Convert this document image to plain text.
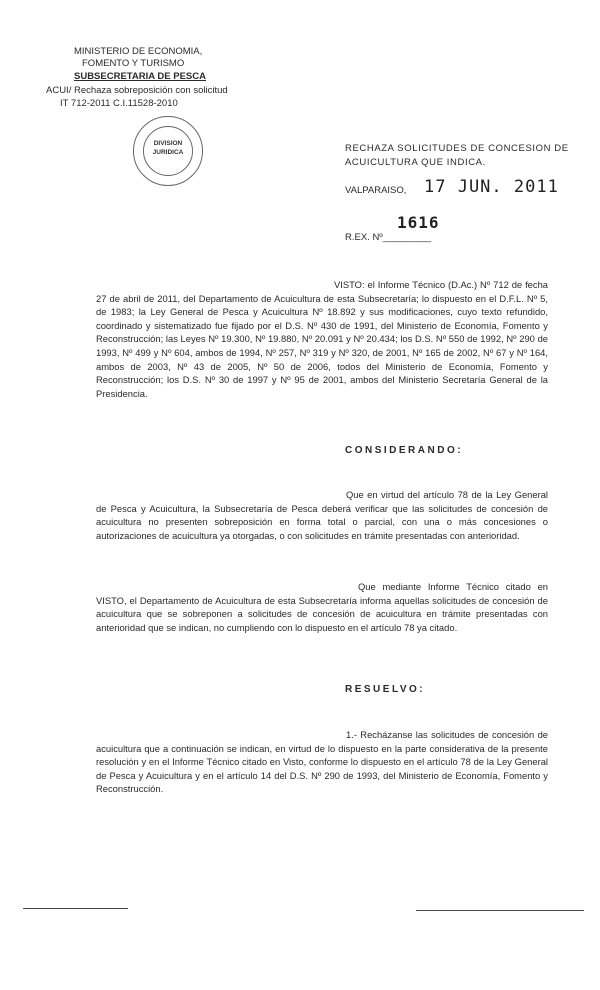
MINISTERIO DE ECONOMIA,
FOMENTO Y TURISMO
SUBSECRETARIA DE PESCA
ACUI/ Rechaza sobreposición con solicitud
IT 712-2011 C.I.11528-2010
DIVISION
JURIDICA	RECHAZA SOLICITUDES DE CONCESION DE
ACUICULTURA QUE INDICA.
VALPARAISO, 17 JUN. 2011
1616
R.EX. Nº__________
VISTO: el Informe Técnico (D.Ac.) Nº 712 de fecha 27 de abril de 2011, del Departamento de Acuicultura de esta Subsecretaría; lo dispuesto en el D.F.L. Nº 5, de 1983; la Ley General de Pesca y Acuicultura Nº 18.892 y sus modificaciones, cuyo texto refundido, coordinado y sistematizado fue fijado por el D.S. Nº 430 de 1991, del Ministerio de Economía, Fomento y Reconstrucción; las Leyes Nº 19.300, Nº 19.880, Nº 20.091 y Nº 20.434; los D.S. Nº 550 de 1992, Nº 290 de 1993, Nº 499 y Nº 604, ambos de 1994, Nº 257, Nº 319 y Nº 320, de 2001, Nº 165 de 2002, Nº 67 y Nº 164, ambos de 2003, Nº 43 de 2005, Nº 50 de 2006, todos del Ministerio de Economía, Fomento y Reconstrucción; los D.S. Nº 30 de 1997 y Nº 95 de 2001, ambos del Ministerio Secretaría General de la Presidencia.
CONSIDERANDO:
Que en virtud del artículo 78 de la Ley General de Pesca y Acuicultura, la Subsecretaría de Pesca deberá verificar que las solicitudes de concesión de acuicultura no presenten sobreposición en forma total o parcial, con una o más concesiones o autorizaciones de acuicultura ya otorgadas, o con solicitudes en trámite presentadas con anterioridad.
Que mediante Informe Técnico citado en VISTO, el Departamento de Acuicultura de esta Subsecretaría informa aquellas solicitudes de concesión de acuicultura que se sobreponen a solicitudes de concesión de acuicultura en trámite presentadas con anterioridad que se indican, no cumpliendo con lo dispuesto en el artículo 78 ya citado.
RESUELVO:
1.- Recházanse las solicitudes de concesión de acuicultura que a continuación se indican, en virtud de lo dispuesto en la parte considerativa de la presente resolución y en el Informe Técnico citado en Visto, conforme lo dispuesto en el artículo 78 de la Ley General de Pesca y Acuicultura y en el artículo 14 del D.S. Nº 290 de 1993, del Ministerio de Economía, Fomento y Reconstrucción.
